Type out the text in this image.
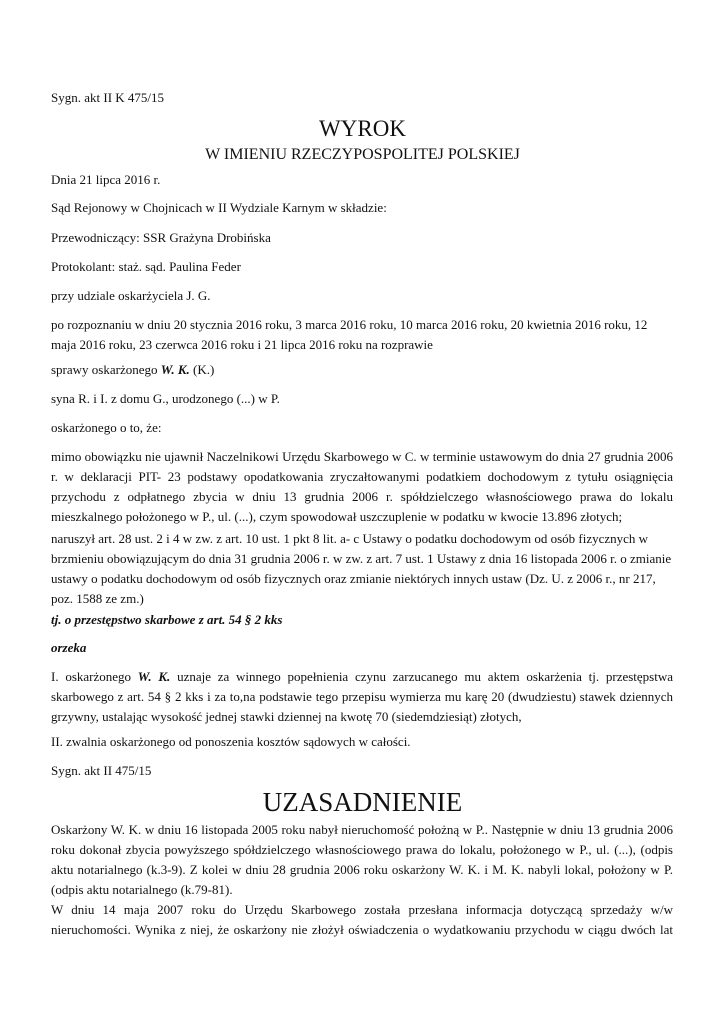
Sygn. akt II K 475/15

WYROK

W IMIENIU RZECZYPOSPOLITEJ POLSKIEJ

Dnia 21 lipca 2016 r.

Sąd Rejonowy w Chojnicach w II Wydziale Karnym w składzie:

Przewodniczący: SSR Grażyna Drobińska

Protokolant: staż. sąd. Paulina Feder

przy udziale oskarżyciela J. G.

po rozpoznaniu w dniu 20 stycznia 2016 roku, 3 marca 2016 roku, 10 marca 2016 roku, 20 kwietnia 2016 roku, 12 maja 2016 roku, 23 czerwca 2016 roku i 21 lipca 2016 roku na rozprawie

sprawy oskarżonego W. K. (K.)

syna R. i I. z domu G., urodzonego (...) w P.

oskarżonego o to, że:

mimo obowiązku nie ujawnił Naczelnikowi Urzędu Skarbowego w C. w terminie ustawowym do dnia 27 grudnia 2006 r. w deklaracji PIT- 23 podstawy opodatkowania zryczałtowanymi podatkiem dochodowym z tytułu osiągnięcia przychodu z odpłatnego zbycia w dniu 13 grudnia 2006 r. spółdzielczego własnościowego prawa do lokalu mieszkalnego położonego w P., ul. (...), czym spowodował uszczuplenie w podatku w kwocie 13.896 złotych;

naruszył art. 28 ust. 2 i 4 w zw. z art. 10 ust. 1 pkt 8 lit. a- c Ustawy o podatku dochodowym od osób fizycznych w brzmieniu obowiązującym do dnia 31 grudnia 2006 r. w zw. z art. 7 ust. 1 Ustawy z dnia 16 listopada 2006 r. o zmianie ustawy o podatku dochodowym od osób fizycznych oraz zmianie niektórych innych ustaw (Dz. U. z 2006 r., nr 217, poz. 1588 ze zm.)

tj. o przestępstwo skarbowe z art. 54 § 2 kks

orzeka

I. oskarżonego W. K. uznaje za winnego popełnienia czynu zarzucanego mu aktem oskarżenia tj. przestępstwa skarbowego z art. 54 § 2 kks i za to,na podstawie tego przepisu wymierza mu karę 20 (dwudziestu) stawek dziennych grzywny, ustalając wysokość jednej stawki dziennej na kwotę 70 (siedemdziesiąt) złotych,

II. zwalnia oskarżonego od ponoszenia kosztów sądowych w całości.

Sygn. akt II 475/15

UZASADNIENIE

Oskarżony W. K. w dniu 16 listopada 2005 roku nabył nieruchomość położną w P.. Następnie w dniu 13 grudnia 2006 roku dokonał zbycia powyższego spółdzielczego własnościowego prawa do lokalu, położonego w P., ul. (...), (odpis aktu notarialnego (k.3-9). Z kolei w dniu 28 grudnia 2006 roku oskarżony W. K. i M. K. nabyli lokal, położony w P. (odpis aktu notarialnego (k.79-81).

W dniu 14 maja 2007 roku do Urzędu Skarbowego została przesłana informacja dotyczącą sprzedaży w/w nieruchomości. Wynika z niej, że oskarżony nie złożył oświadczenia o wydatkowaniu przychodu w ciągu dwóch lat
